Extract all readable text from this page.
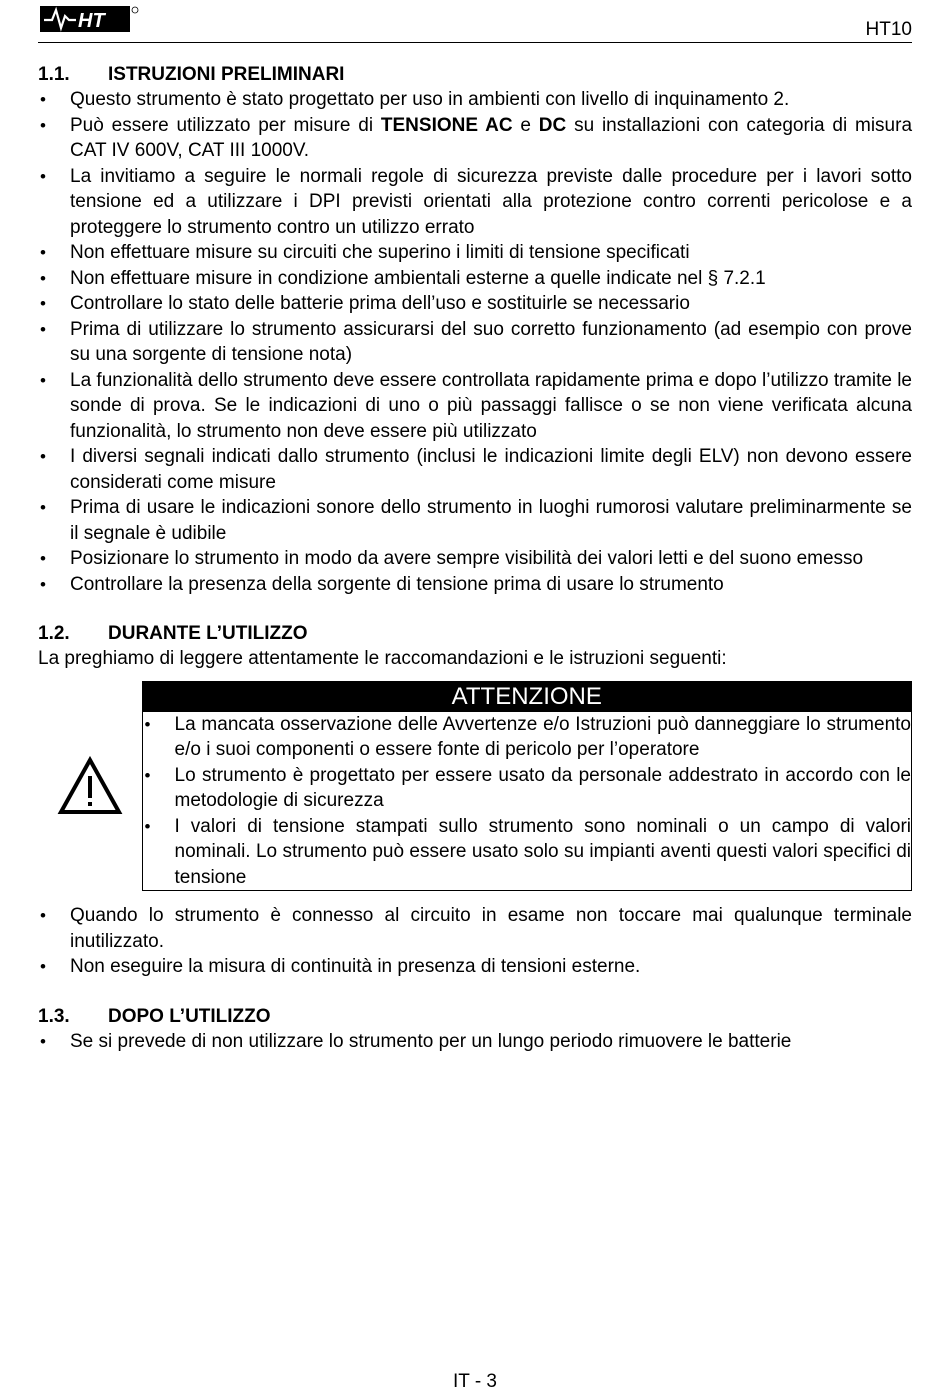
HT	HT10
1.1.	ISTRUZIONI PRELIMINARI
• Questo strumento è stato progettato per uso in ambienti con livello di inquinamento 2.
• Può essere utilizzato per misure di TENSIONE AC e DC su installazioni con categoria di misura CAT IV 600V, CAT III 1000V.
• La invitiamo a seguire le normali regole di sicurezza previste dalle procedure per i lavori sotto tensione ed a utilizzare i DPI previsti orientati alla protezione contro correnti pericolose e a proteggere lo strumento contro un utilizzo errato
• Non effettuare misure su circuiti che superino i limiti di tensione specificati
• Non effettuare misure in condizione ambientali esterne a quelle indicate nel § 7.2.1
• Controllare lo stato delle batterie prima dell’uso e sostituirle se necessario
• Prima di utilizzare lo strumento assicurarsi del suo corretto funzionamento (ad esempio con prove su una sorgente di tensione nota)
• La funzionalità dello strumento deve essere controllata rapidamente prima e dopo l’utilizzo tramite le sonde di prova. Se le indicazioni di uno o più passaggi fallisce o se non viene verificata alcuna funzionalità, lo strumento non deve essere più utilizzato
• I diversi segnali indicati dallo strumento (inclusi le indicazioni limite degli ELV) non devono essere considerati come misure
• Prima di usare le indicazioni sonore dello strumento in luoghi rumorosi valutare preliminarmente se il segnale è udibile
• Posizionare lo strumento in modo da avere sempre visibilità dei valori letti e del suono emesso
• Controllare la presenza della sorgente di tensione prima di usare lo strumento
1.2.	DURANTE L’UTILIZZO

La preghiamo di leggere attentamente le raccomandazioni e le istruzioni seguenti:

ATTENZIONE
• La mancata osservazione delle Avvertenze e/o Istruzioni può danneggiare lo strumento e/o i suoi componenti o essere fonte di pericolo per l’operatore
• Lo strumento è progettato per essere usato da personale addestrato in accordo con le metodologie di sicurezza
• I valori di tensione stampati sullo strumento sono nominali o un campo di valori nominali. Lo strumento può essere usato solo su impianti aventi questi valori specifici di tensione
• Quando lo strumento è connesso al circuito in esame non toccare mai qualunque terminale inutilizzato.
• Non eseguire la misura di continuità in presenza di tensioni esterne.
1.3.	DOPO L’UTILIZZO
• Se si prevede di non utilizzare lo strumento per un lungo periodo rimuovere le batterie
IT - 3
